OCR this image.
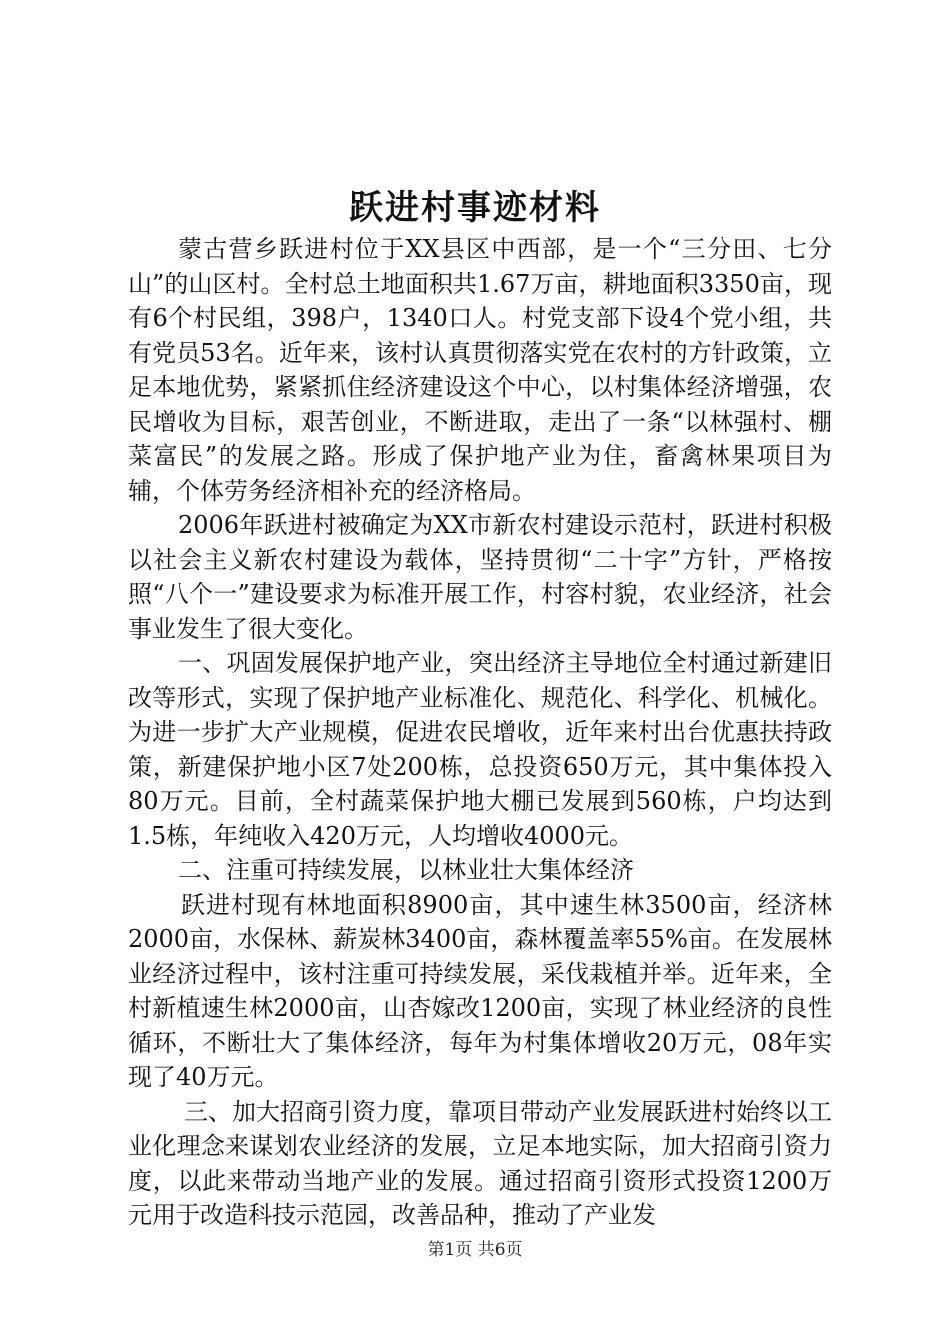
跃进村事迹材料

蒙古营乡跃进村位于XX县区中西部，是一个“三分田、七分山”的山区村。全村总土地面积共1.67万亩，耕地面积3350亩，现有6个村民组，398户，1340口人。村党支部下设4个党小组，共有党员53名。近年来，该村认真贯彻落实党在农村的方针政策，立足本地优势，紧紧抓住经济建设这个中心，以村集体经济增强，农民增收为目标，艰苦创业，不断进取，走出了一条“以林强村、棚菜富民”的发展之路。形成了保护地产业为住，畜禽林果项目为辅，个体劳务经济相补充的经济格局。

2006年跃进村被确定为XX市新农村建设示范村，跃进村积极以社会主义新农村建设为载体，坚持贯彻“二十字”方针，严格按照“八个一”建设要求为标准开展工作，村容村貌，农业经济，社会事业发生了很大变化。

一、巩固发展保护地产业，突出经济主导地位全村通过新建旧改等形式，实现了保护地产业标准化、规范化、科学化、机械化。为进一步扩大产业规模，促进农民增收，近年来村出台优惠扶持政策，新建保护地小区7处200栋，总投资650万元，其中集体投入80万元。目前，全村蔬菜保护地大棚已发展到560栋，户均达到1.5栋，年纯收入420万元，人均增收4000元。

二、注重可持续发展，以林业壮大集体经济

跃进村现有林地面积8900亩，其中速生林3500亩，经济林2000亩，水保林、薪炭林3400亩，森林覆盖率55%亩。在发展林业经济过程中，该村注重可持续发展，采伐栽植并举。近年来，全村新植速生林2000亩，山杏嫁改1200亩，实现了林业经济的良性循环，不断壮大了集体经济，每年为村集体增收20万元，08年实现了40万元。

三、加大招商引资力度，靠项目带动产业发展跃进村始终以工业化理念来谋划农业经济的发展，立足本地实际，加大招商引资力度，以此来带动当地产业的发展。通过招商引资形式投资1200万元用于改造科技示范园，改善品种，推动了产业发

第1页 共6页
